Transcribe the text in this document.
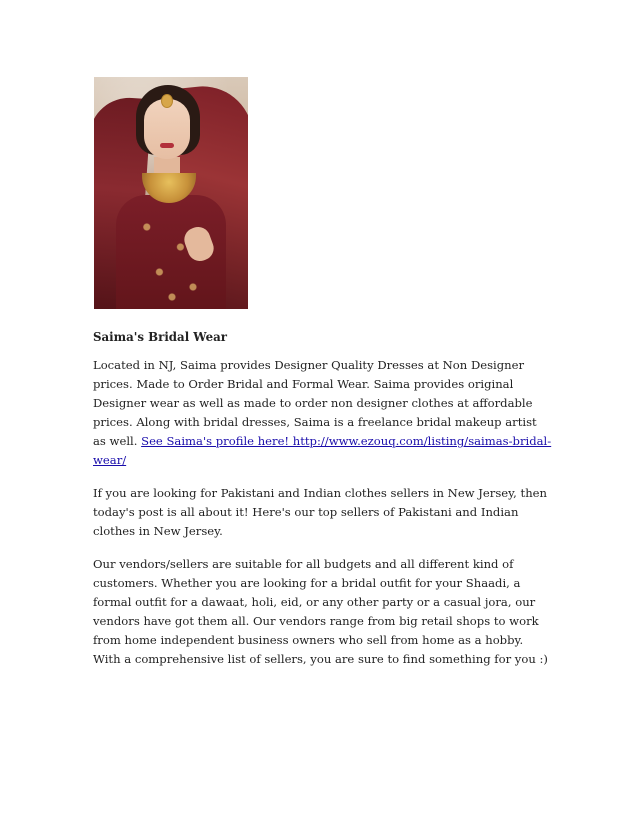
Saima's Bridal Wear

Located in NJ, Saima provides Designer Quality Dresses at Non Designer prices. Made to Order Bridal and Formal Wear. Saima provides original Designer wear as well as made to order non designer clothes at affordable prices. Along with bridal dresses, Saima is a freelance bridal makeup artist as well. See Saima's profile here! http://www.ezouq.com/listing/saimas-bridal-wear/

If you are looking for Pakistani and Indian clothes sellers in New Jersey, then today's post is all about it! Here's our top sellers of Pakistani and Indian clothes in New Jersey.

Our vendors/sellers are suitable for all budgets and all different kind of customers. Whether you are looking for a bridal outfit for your Shaadi, a formal outfit for a dawaat, holi, eid, or any other party or a casual jora, our vendors have got them all. Our vendors range from big retail shops to work from home independent business owners who sell from home as a hobby. With a comprehensive list of sellers, you are sure to find something for you :)
